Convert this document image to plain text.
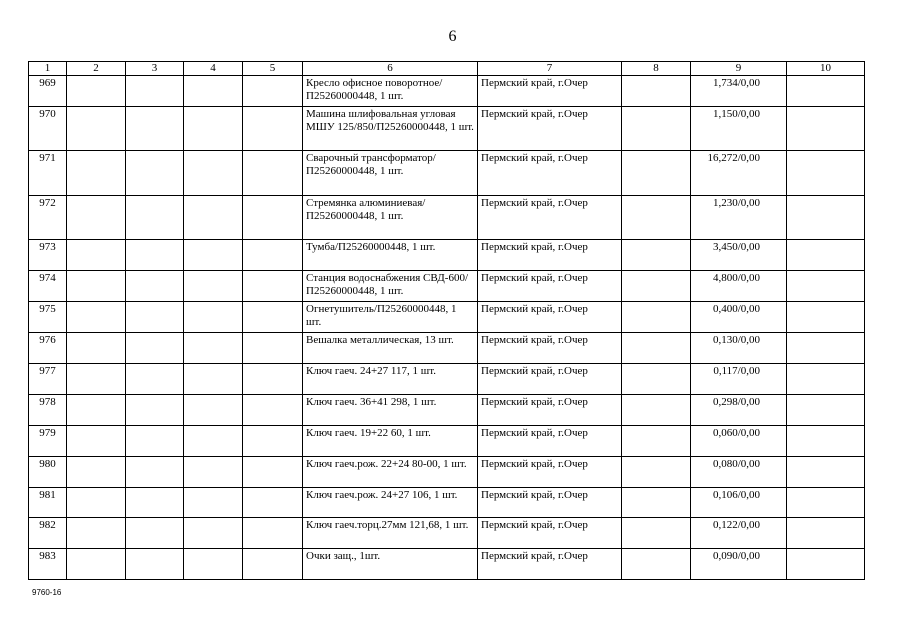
6
1	2	3	4	5	6	7	8	9	10
969					Кресло офисное поворотное/П25260000448, 1 шт.	Пермский край, г.Очер		1,734/0,00	
970					Машина шлифовальная угловая МШУ 125/850/П25260000448, 1 шт.	Пермский край, г.Очер		1,150/0,00	
971					Сварочный трансформатор/П25260000448, 1 шт.	Пермский край, г.Очер		16,272/0,00	
972					Стремянка алюминиевая/П25260000448, 1 шт.	Пермский край, г.Очер		1,230/0,00	
973					Тумба/П25260000448, 1 шт.	Пермский край, г.Очер		3,450/0,00	
974					Станция водоснабжения СВД-600/П25260000448, 1 шт.	Пермский край, г.Очер		4,800/0,00	
975					Огнетушитель/П25260000448, 1 шт.	Пермский край, г.Очер		0,400/0,00	
976					Вешалка металлическая, 13 шт.	Пермский край, г.Очер		0,130/0,00	
977					Ключ гаеч. 24+27 117, 1 шт.	Пермский край, г.Очер		0,117/0,00	
978					Ключ гаеч. 36+41 298, 1 шт.	Пермский край, г.Очер		0,298/0,00	
979					Ключ гаеч. 19+22 60, 1 шт.	Пермский край, г.Очер		0,060/0,00	
980					Ключ гаеч.рож. 22+24 80-00, 1 шт.	Пермский край, г.Очер		0,080/0,00	
981					Ключ гаеч.рож. 24+27 106, 1 шт.	Пермский край, г.Очер		0,106/0,00	
982					Ключ гаеч.торц.27мм 121,68, 1 шт.	Пермский край, г.Очер		0,122/0,00	
983					Очки защ., 1шт.	Пермский край, г.Очер		0,090/0,00	
9760-16
